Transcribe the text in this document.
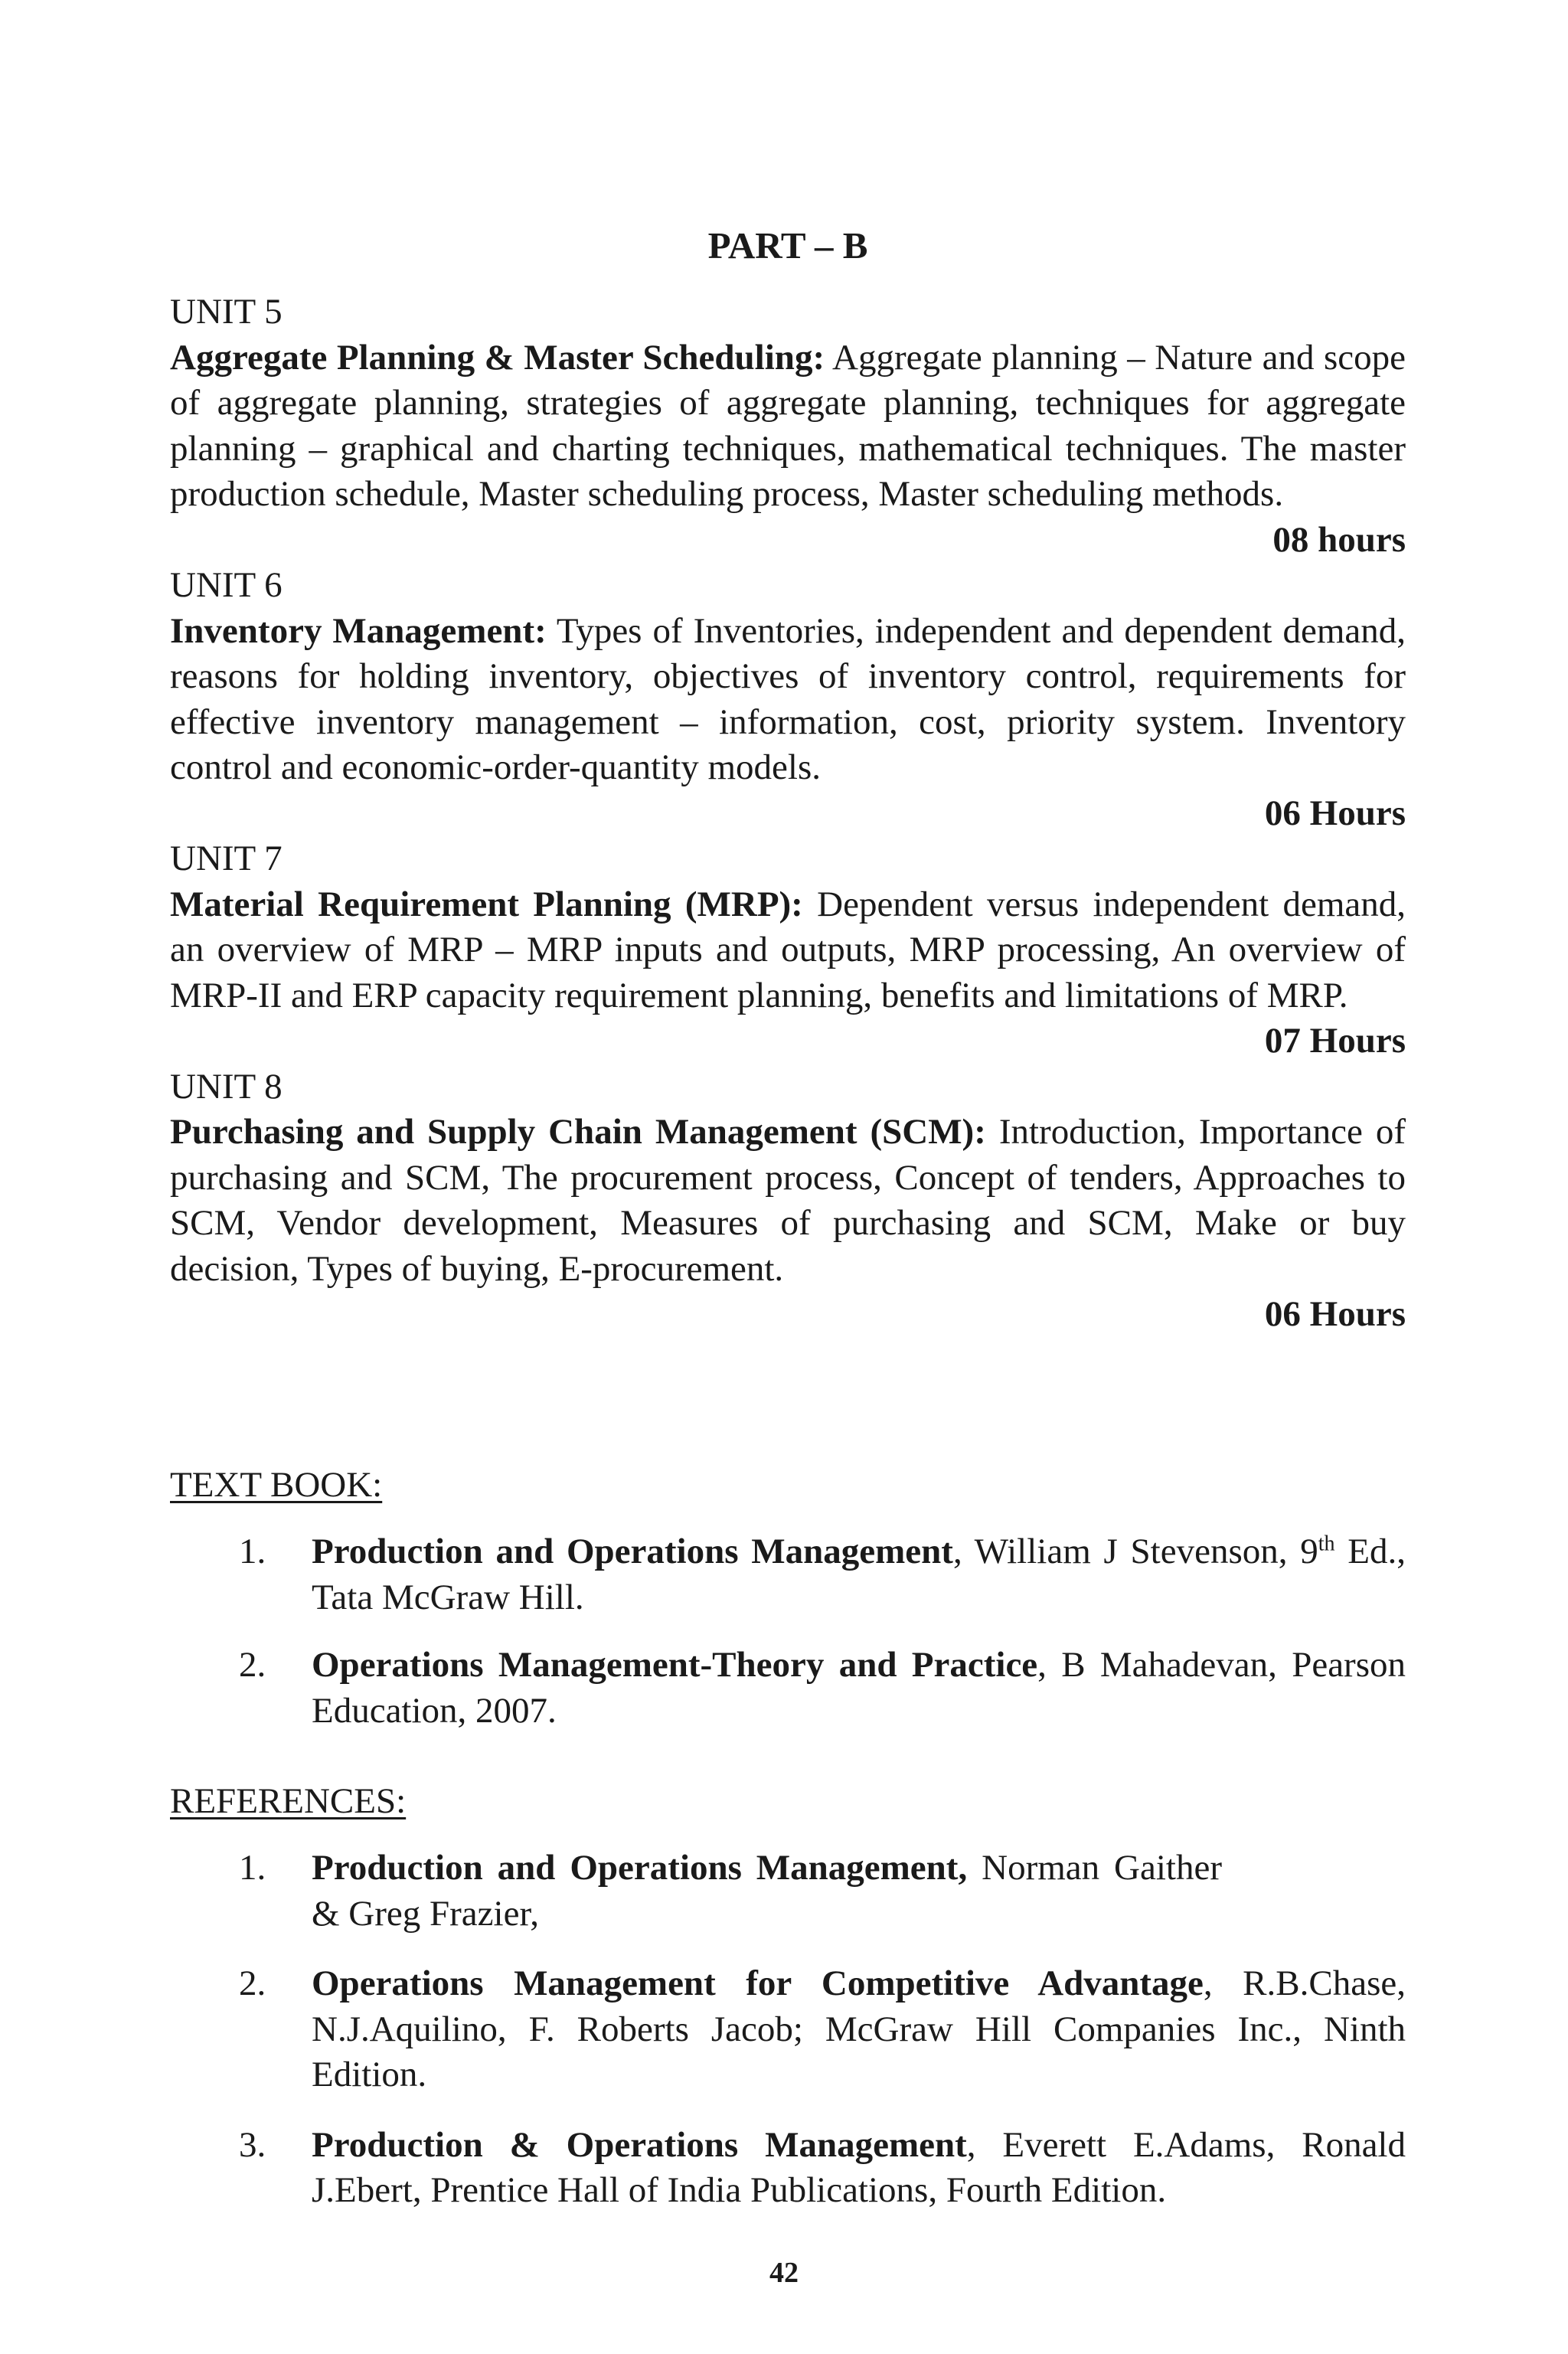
PART – B

UNIT 5

Aggregate Planning & Master Scheduling: Aggregate planning – Nature and scope of aggregate planning, strategies of aggregate planning, techniques for aggregate planning – graphical and charting techniques, mathematical techniques. The master production schedule, Master scheduling process, Master scheduling methods.

08 hours

UNIT 6

Inventory Management: Types of Inventories, independent and dependent demand, reasons for holding inventory, objectives of inventory control, requirements for effective inventory management – information, cost, priority system. Inventory control and economic-order-quantity models.

06 Hours

UNIT 7

Material Requirement Planning (MRP): Dependent versus independent demand, an overview of MRP – MRP inputs and outputs, MRP processing, An overview of MRP-II and ERP capacity requirement planning, benefits and limitations of MRP.

07 Hours

UNIT 8

Purchasing and Supply Chain Management (SCM): Introduction, Importance of purchasing and SCM, The procurement process, Concept of tenders, Approaches to SCM, Vendor development, Measures of purchasing and SCM, Make or buy decision, Types of buying, E-procurement.

06 Hours

TEXT BOOK:

1. Production and Operations Management, William J Stevenson, 9th Ed., Tata McGraw Hill.
2. Operations Management-Theory and Practice, B Mahadevan, Pearson Education, 2007.

REFERENCES:

1. Production and Operations Management, Norman Gaither & Greg Frazier,
2. Operations Management for Competitive Advantage, R.B.Chase, N.J.Aquilino, F. Roberts Jacob; McGraw Hill Companies Inc., Ninth Edition.
3. Production & Operations Management, Everett E.Adams, Ronald J.Ebert, Prentice Hall of India Publications, Fourth Edition.
42
